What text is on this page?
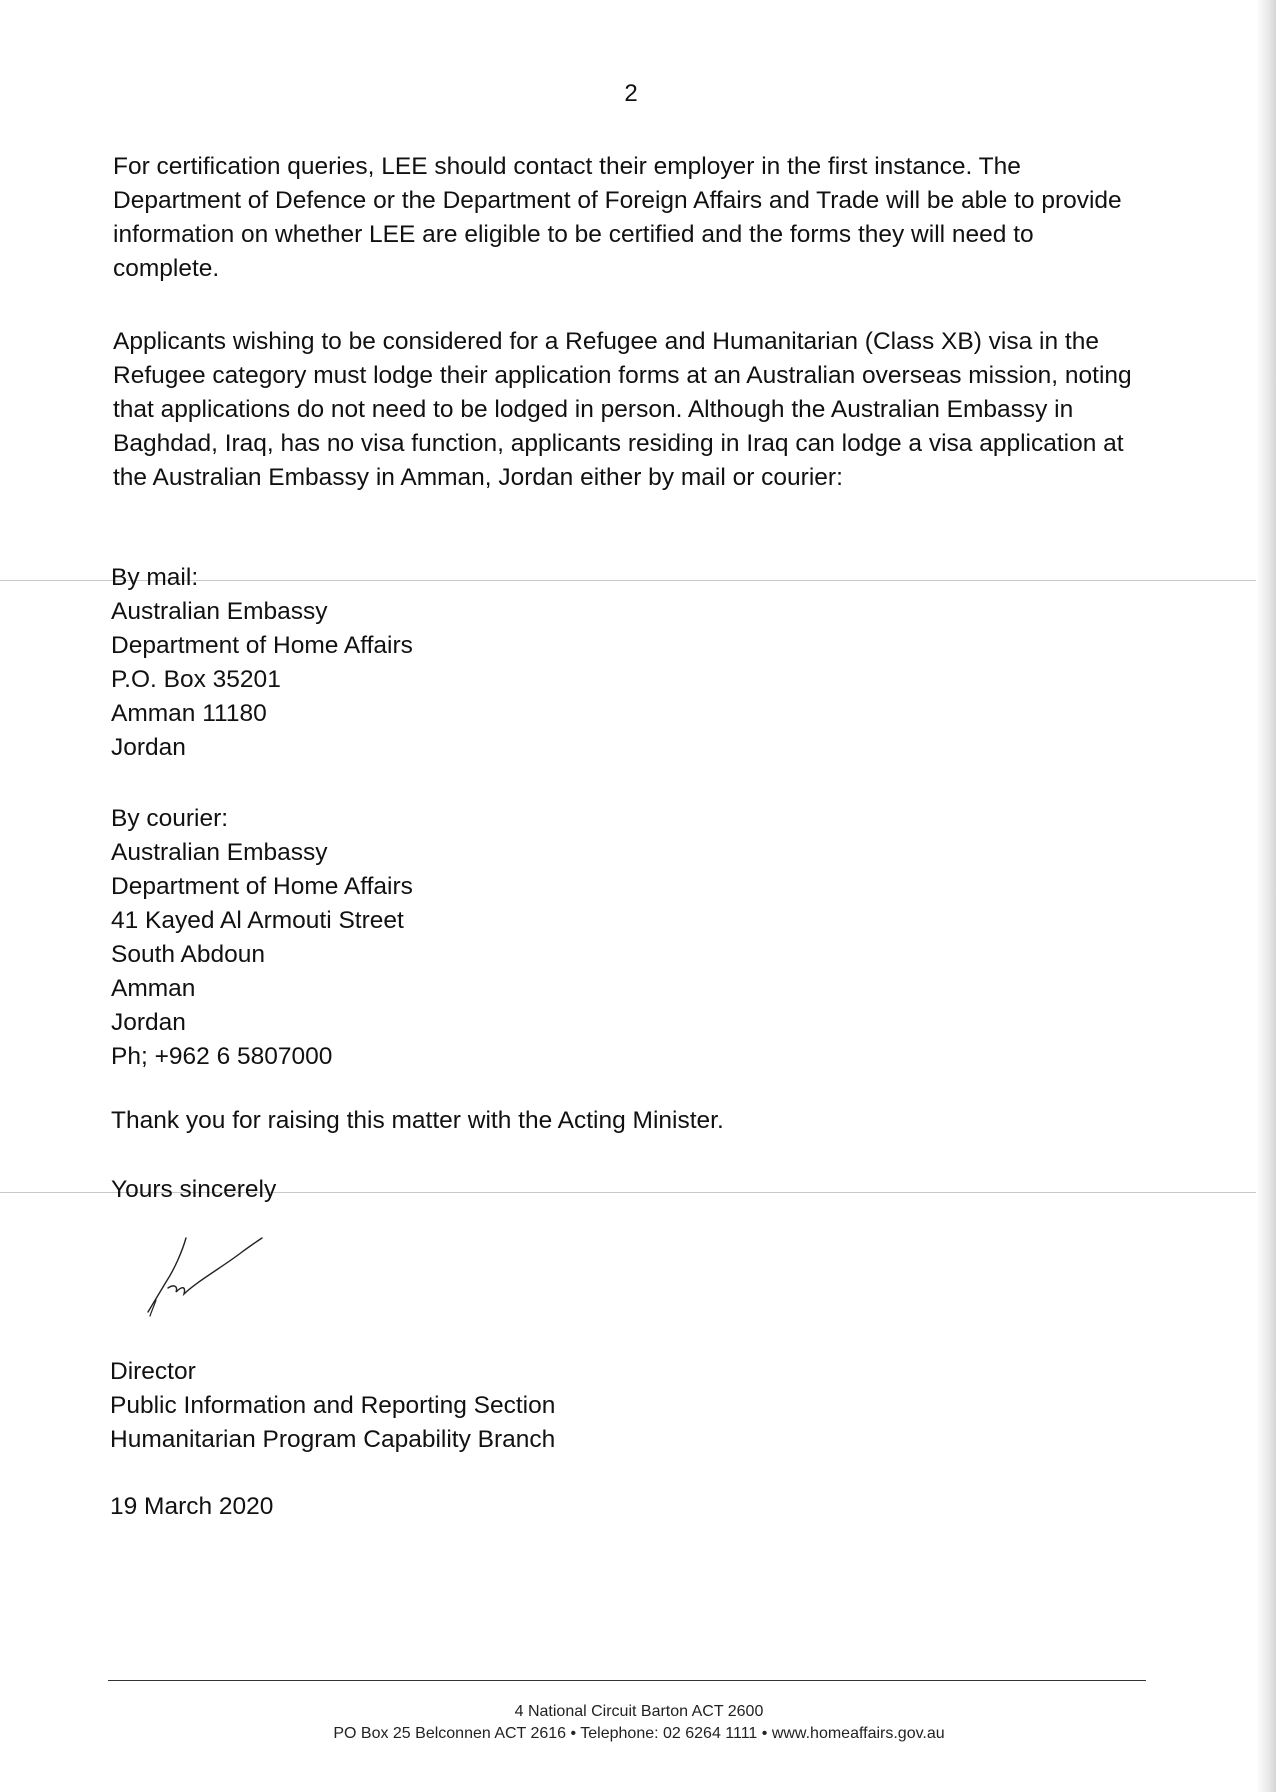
2

For certification queries, LEE should contact their employer in the first instance. The Department of Defence or the Department of Foreign Affairs and Trade will be able to provide information on whether LEE are eligible to be certified and the forms they will need to complete.

Applicants wishing to be considered for a Refugee and Humanitarian (Class XB) visa in the Refugee category must lodge their application forms at an Australian overseas mission, noting that applications do not need to be lodged in person. Although the Australian Embassy in Baghdad, Iraq, has no visa function, applicants residing in Iraq can lodge a visa application at the Australian Embassy in Amman, Jordan either by mail or courier:

By mail:
Australian Embassy
Department of Home Affairs
P.O. Box 35201
Amman 11180
Jordan
By courier:
Australian Embassy
Department of Home Affairs
41 Kayed Al Armouti Street
South Abdoun
Amman
Jordan
Ph; +962 6 5807000
Thank you for raising this matter with the Acting Minister.
Yours sincerely
Director
Public Information and Reporting Section
Humanitarian Program Capability Branch
19 March 2020
4 National Circuit Barton ACT 2600
PO Box 25 Belconnen ACT 2616 • Telephone: 02 6264 1111 • www.homeaffairs.gov.au
